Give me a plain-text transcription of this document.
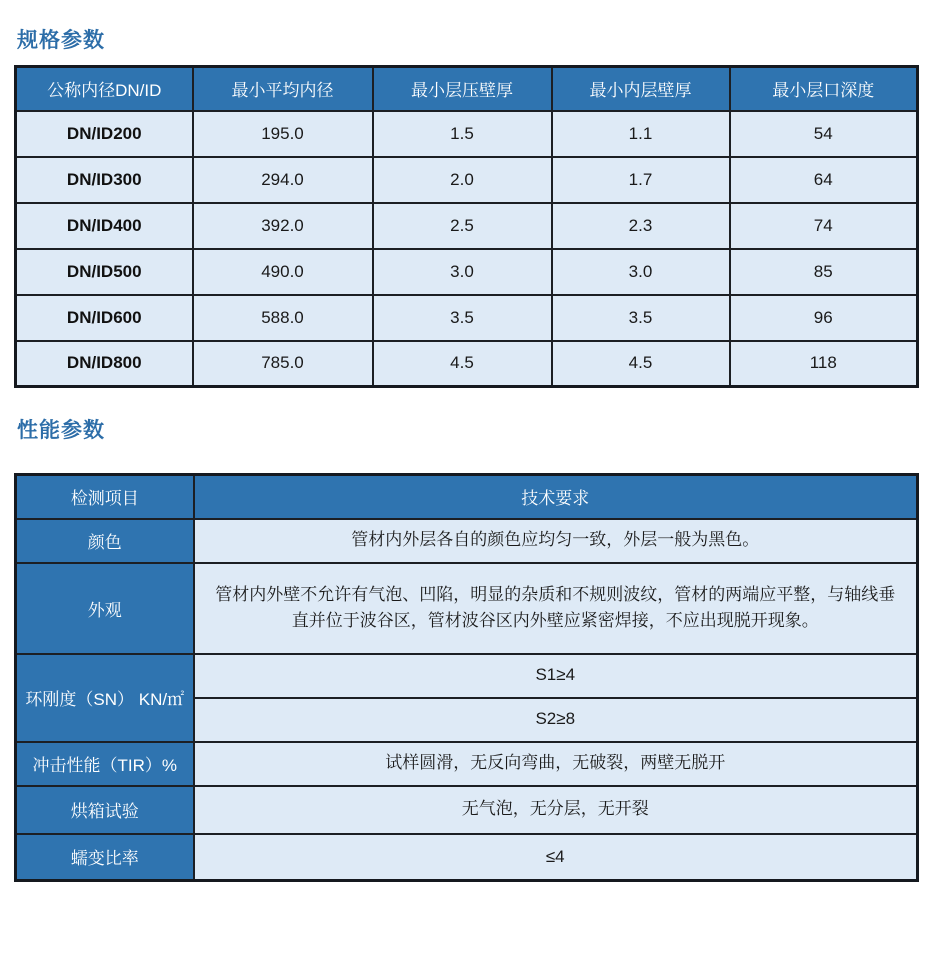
规格参数
公称内径DN/ID	最小平均内径	最小层压壁厚	最小内层壁厚	最小层口深度
DN/ID200	195.0	1.5	1.1	54
DN/ID300	294.0	2.0	1.7	64
DN/ID400	392.0	2.5	2.3	74
DN/ID500	490.0	3.0	3.0	85
DN/ID600	588.0	3.5	3.5	96
DN/ID800	785.0	4.5	4.5	118
性能参数
检测项目	技术要求
颜色	管材内外层各自的颜色应均匀一致，外层一般为黑色。
外观	管材内外壁不允许有气泡、凹陷，明显的杂质和不规则波纹，管材的两端应平整，与轴线垂直并位于波谷区，管材波谷区内外壁应紧密焊接，不应出现脱开现象。
环刚度（SN） KN/㎡	S1≥4
	S2≥8
冲击性能（TIR）%	试样圆滑，无反向弯曲，无破裂，两壁无脱开
烘箱试验	无气泡，无分层，无开裂
蠕变比率	≤4
